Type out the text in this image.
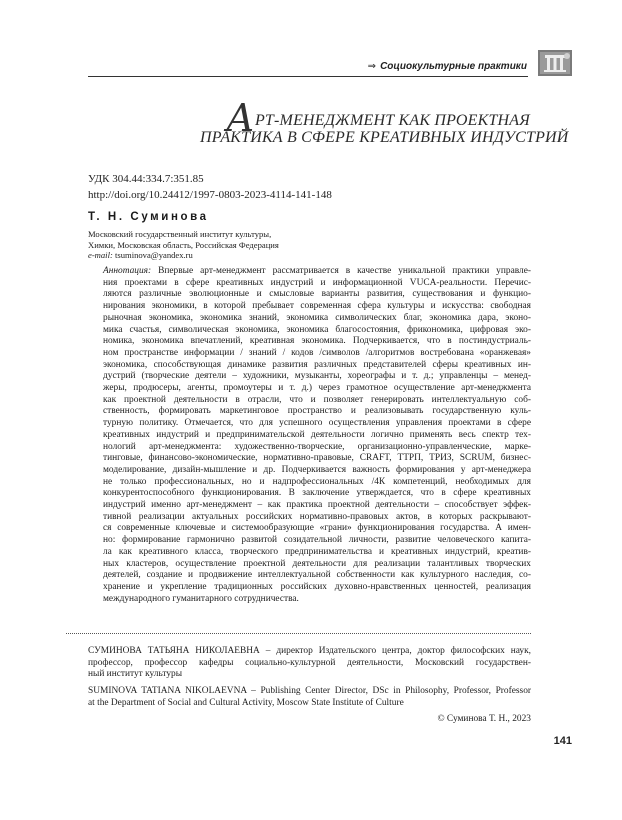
⇒ Социокультурные практики
АРТ-МЕНЕДЖМЕНТ КАК ПРОЕКТНАЯ
ПРАКТИКА В СФЕРЕ КРЕАТИВНЫХ ИНДУСТРИЙ
УДК 304.44:334.7:351.85
http://doi.org/10.24412/1997-0803-2023-4114-141-148
Т. Н. Суминова
Московский государственный институт культуры,
Химки, Московская область, Российская Федерация
e-mail: tsuminova@yandex.ru
Аннотация: Впервые арт-менеджмент рассматривается в качестве уникальной практики управле-
ния проектами в сфере креативных индустрий и информационной VUCA-реальности. Перечис-
ляются различные эволюционные и смысловые варианты развития, существования и функцио-
нирования экономики, в которой пребывает современная сфера культуры и искусства: свободная
рыночная экономика, экономика знаний, экономика символических благ, экономика дара, эконо-
мика счастья, символическая экономика, экономика благосостояния, фрикономика, цифровая эко-
номика, экономика впечатлений, креативная экономика. Подчеркивается, что в постиндустриаль-
ном пространстве информации / знаний / кодов /символов /алгоритмов востребована «оранжевая»
экономика, способствующая динамике развития различных представителей сферы креативных ин-
дустрий (творческие деятели – художники, музыканты, хореографы и т. д.; управленцы – менед-
жеры, продюсеры, агенты, промоутеры и т. д.) через грамотное осуществление арт-менеджмента
как проектной деятельности в отрасли, что и позволяет генерировать интеллектуальную соб-
ственность, формировать маркетинговое пространство и реализовывать государственную куль-
турную политику. Отмечается, что для успешного осуществления управления проектами в сфере
креативных индустрий и предпринимательской деятельности логично применять весь спектр тех-
нологий арт-менеджмента: художественно-творческие, организационно-управленческие, марке-
тинговые, финансово-экономические, нормативно-правовые, CRAFT, ТТРП, ТРИЗ, SCRUM, бизнес-
моделирование, дизайн-мышление и др. Подчеркивается важность формирования у арт-менеджера
не только профессиональных, но и надпрофессиональных /4К компетенций, необходимых для
конкурентоспособного функционирования. В заключение утверждается, что в сфере креативных
индустрий именно арт-менеджмент – как практика проектной деятельности – способствует эффек-
тивной реализации актуальных российских нормативно-правовых актов, в которых раскрывают-
ся современные ключевые и системообразующие «грани» функционирования государства. А имен-
но: формирование гармонично развитой созидательной личности, развитие человеческого капита-
ла как креативного класса, творческого предпринимательства и креативных индустрий, креатив-
ных кластеров, осуществление проектной деятельности для реализации талантливых творческих
деятелей, создание и продвижение интеллектуальной собственности как культурного наследия, со-
хранение и укрепление традиционных российских духовно-нравственных ценностей, реализация
международного гуманитарного сотрудничества.
СУМИНОВА ТАТЬЯНА НИКОЛАЕВНА – директор Издательского центра, доктор философских наук,
профессор, профессор кафедры социально-культурной деятельности, Московский государствен-
ный институт культуры
SUMINOVA TATIANA NIKOLAEVNA – Publishing Center Director, DSc in Philosophy, Professor, Professor
at the Department of Social and Cultural Activity, Moscow State Institute of Culture
© Суминова Т. Н., 2023
141
